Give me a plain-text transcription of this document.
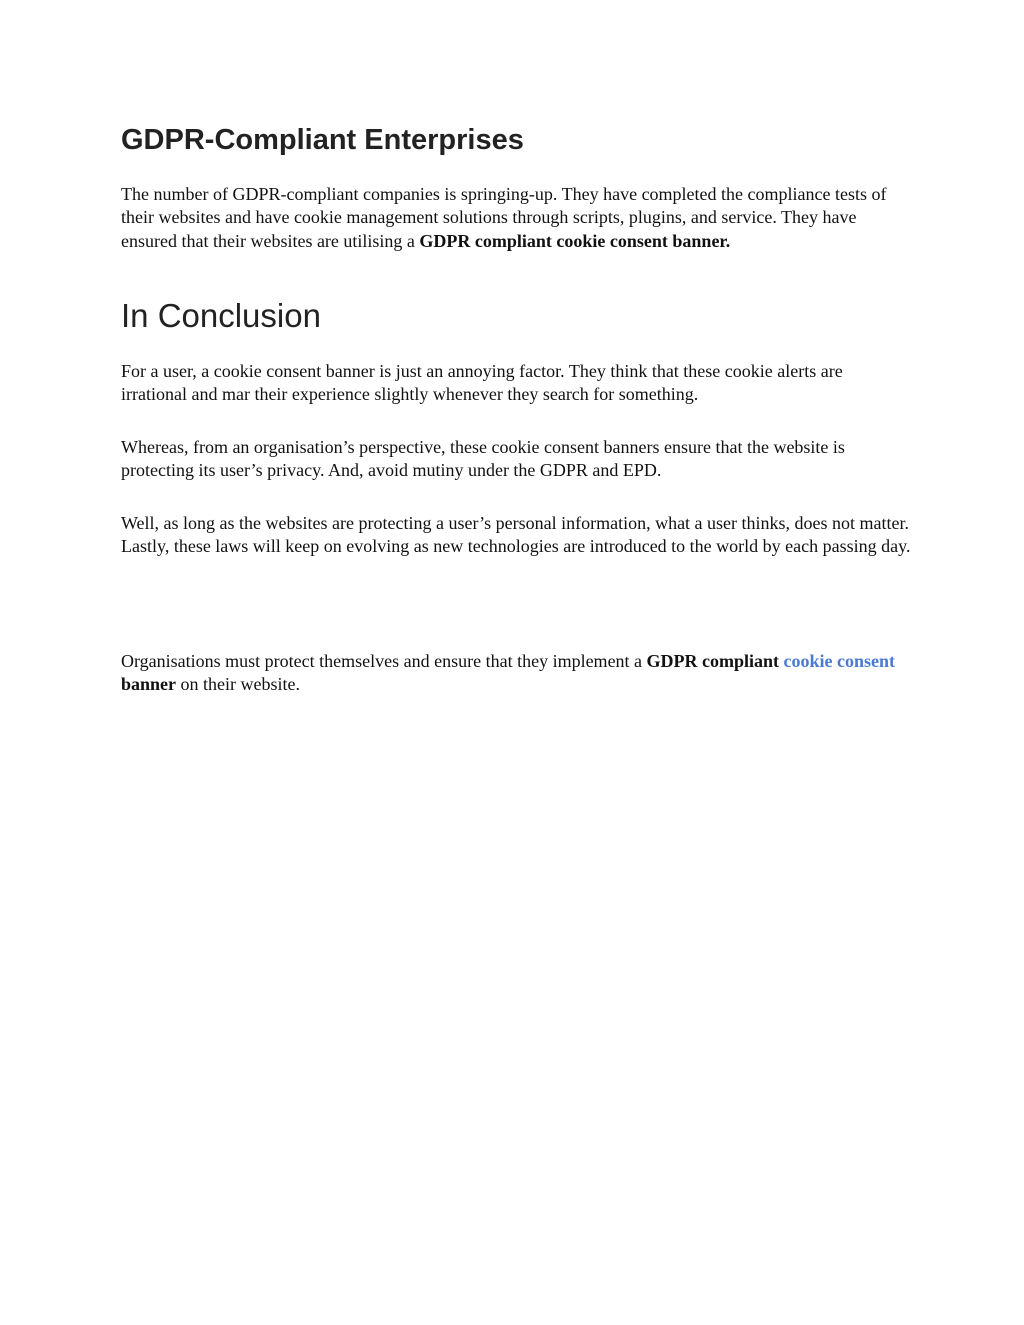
GDPR-Compliant Enterprises

The number of GDPR-compliant companies is springing-up. They have completed the compliance tests of their websites and have cookie management solutions through scripts, plugins, and service. They have ensured that their websites are utilising a GDPR compliant cookie consent banner.

In Conclusion

For a user, a cookie consent banner is just an annoying factor. They think that these cookie alerts are irrational and mar their experience slightly whenever they search for something.

Whereas, from an organisation’s perspective, these cookie consent banners ensure that the website is protecting its user’s privacy. And, avoid mutiny under the GDPR and EPD.

Well, as long as the websites are protecting a user’s personal information, what a user thinks, does not matter.
Lastly, these laws will keep on evolving as new technologies are introduced to the world by each passing day.

Organisations must protect themselves and ensure that they implement a GDPR compliant cookie consent banner on their website.
